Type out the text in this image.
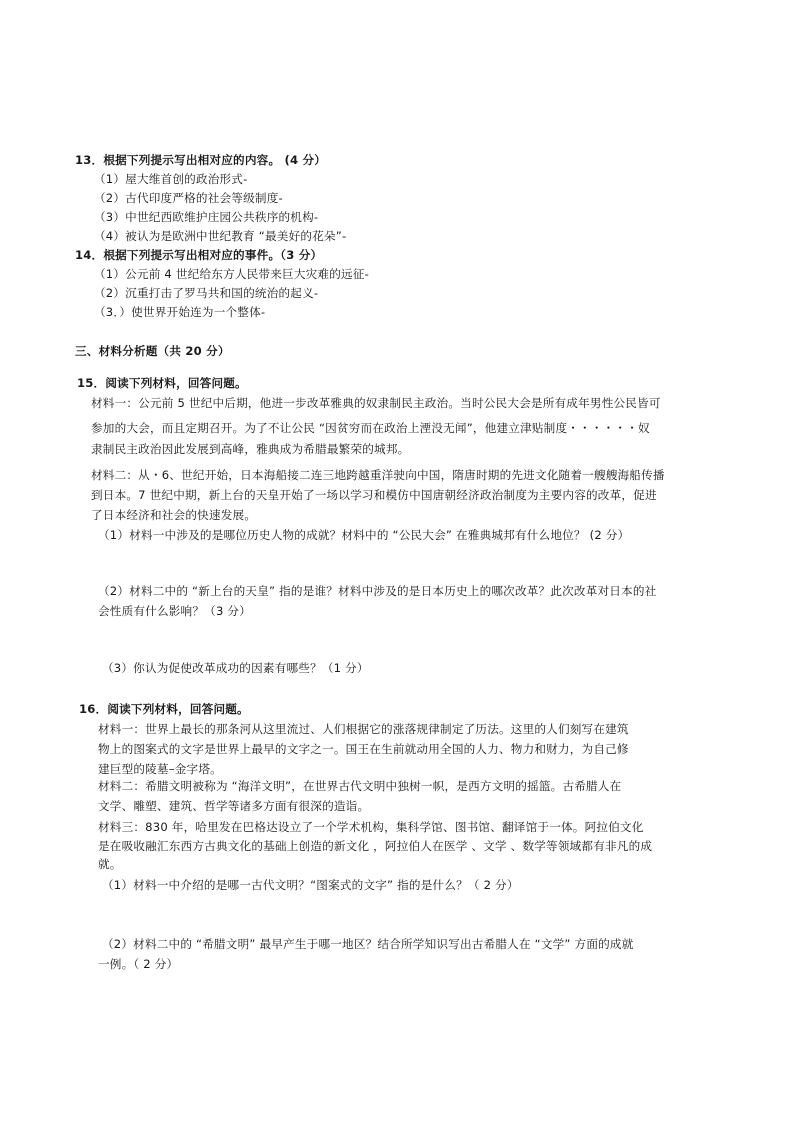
13．根据下列提示写出相对应的内容。 (4 分）
（1）屋大维首创的政治形式-
（2）古代印度严格的社会等级制度-
（3）中世纪西欧维护庄园公共秩序的机构-
（4）被认为是欧洲中世纪教育 “最美好的花朵”-
14．根据下列提示写出相对应的事件。（3 分）
（1）公元前 4 世纪给东方人民带来巨大灾难的远征-
（2）沉重打击了罗马共和国的统治的起义-
（3．）使世界开始连为一个整体-
三、材料分析题（共 20 分）
15．阅读下列材料，回答问题。
材料一：公元前 5 世纪中后期，他进一步改革雅典的奴隶制民主政治。当时公民大会是所有成年男性公民皆可
参加的大会，而且定期召开。为了不让公民 “因贫穷而在政治上湮没无闻”，他建立津贴制度・・・・・・奴
隶制民主政治因此发展到高峰，雅典成为希腊最繁荣的城邦。
材料二：从・6、世纪开始，日本海船接二连三地跨越重洋驶向中国，隋唐时期的先进文化随着一艘艘海船传播
到日本。7 世纪中期，新上台的天皇开始了一场以学习和模仿中国唐朝经济政治制度为主要内容的改革，促进
了日本经济和社会的快速发展。
（1）材料一中涉及的是哪位历史人物的成就？材料中的 “公民大会” 在雅典城邦有什么地位？ (2 分）
（2）材料二中的 “新上台的天皇” 指的是谁？材料中涉及的是日本历史上的哪次改革？此次改革对日本的社
会性质有什么影响？（3 分）
（3）你认为促使改革成功的因素有哪些？（1 分）
16．阅读下列材料，回答问题。
材料一：世界上最长的那条河从这里流过、人们根据它的涨落规律制定了历法。这里的人们刻写在建筑
物上的图案式的文字是世界上最早的文字之一。国王在生前就动用全国的人力、物力和财力，为自己修
建巨型的陵墓–金字塔。
材料二：希腊文明被称为 “海洋文明”，在世界古代文明中独树一帜，是西方文明的摇篮。古希腊人在
文学、雕塑、建筑、哲学等诸多方面有很深的造诣。
材料三：830 年，哈里发在巴格达设立了一个学术机构，集科学馆、图书馆、翻译馆于一体。阿拉伯文化
是在吸收融汇东西方古典文化的基础上创造的新文化 ，阿拉伯人在医学 、文学 、数学等领域都有非凡的成
就。
（1）材料一中介绍的是哪一古代文明？“图案式的文字” 指的是什么？（ 2 分）
（2）材料二中的 “希腊文明” 最早产生于哪一地区？结合所学知识写出古希腊人在 “文学” 方面的成就
一例。（ 2 分）
